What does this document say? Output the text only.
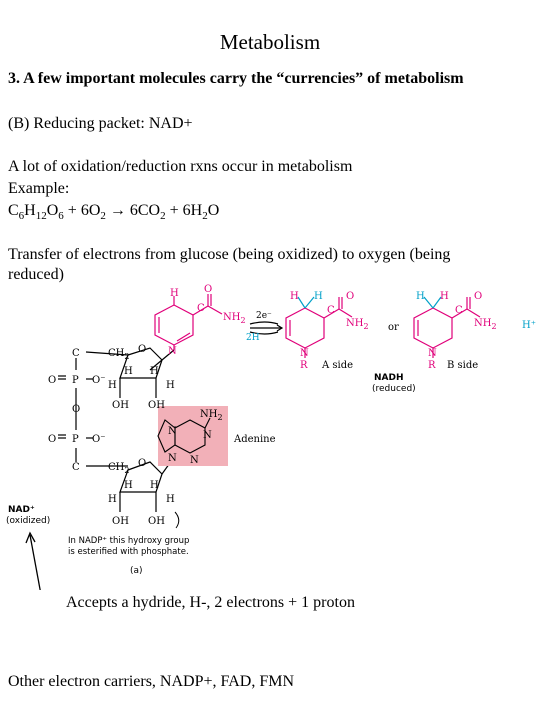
Metabolism
3. A few important molecules carry the “currencies” of metabolism
(B) Reducing packet: NAD+
A lot of oxidation/reduction rxns occur in metabolism
Example:
$C_6H_{12}O_6 + 6O_2 \to 6CO_2 + 6H_2O$
Transfer of electrons from glucose (being oxidized) to oxygen (being
reduced)
H	O
C
$NH_2$
N
2e⁻
2H
H H O
C
$NH_2$
N
R A side
or
H H	O
C
$NH_2$
N
R B side
H⁺
NADH
(reduced)
C	$CH_2$
O
H H
H	H
OH OH
O P O⁻
O
O P O⁻
C	$CH_2$
O
H H
H	H
OH OH
$NH_2$
N	N
N N
Adenine
NAD⁺
(oxidized)
In NADP⁺ this hydroxy group
is esterified with phosphate.
(a)
Accepts a hydride, H-, 2 electrons + 1 proton
Other electron carriers, NADP+, FAD, FMN
